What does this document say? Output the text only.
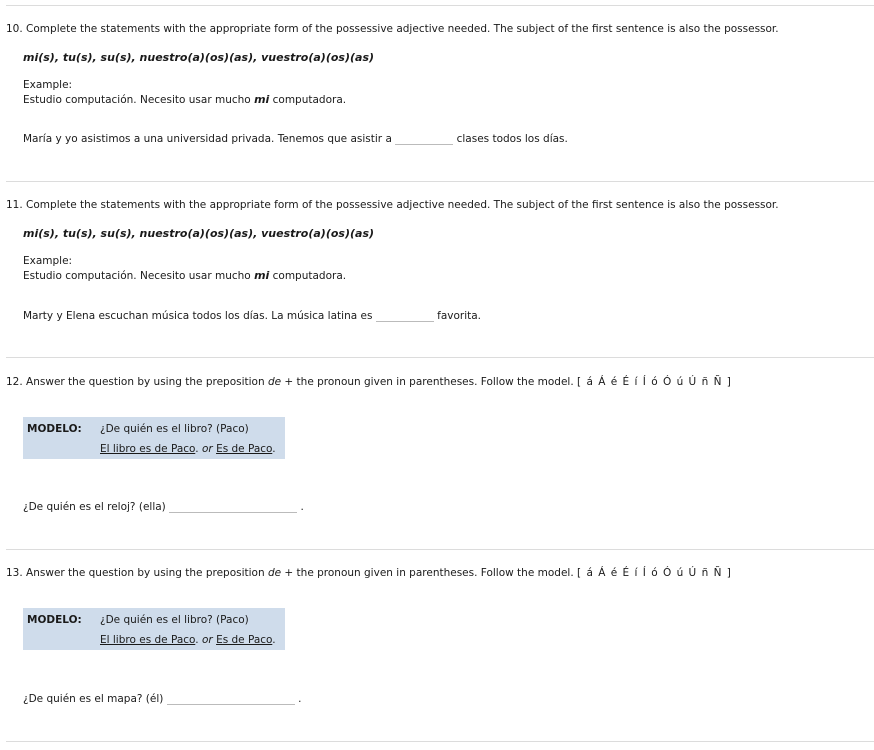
10. Complete the statements with the appropriate form of the possessive adjective needed. The subject of the first sentence is also the possessor.
mi(s), tu(s), su(s), nuestro(a)(os)(as), vuestro(a)(os)(as)
Example:
Estudio computación. Necesito usar mucho mi computadora.
María y yo asistimos a una universidad privada. Tenemos que asistir a	clases todos los días.
11. Complete the statements with the appropriate form of the possessive adjective needed. The subject of the first sentence is also the possessor.
mi(s), tu(s), su(s), nuestro(a)(os)(as), vuestro(a)(os)(as)
Example:
Estudio computación. Necesito usar mucho mi computadora.
Marty y Elena escuchan música todos los días. La música latina es	favorita.
12. Answer the question by using the preposition de + the pronoun given in parentheses. Follow the model. [ á Á é É í Í ó Ó ú Ú ñ Ñ ]
MODELO: ¿De quién es el libro? (Paco)
El libro es de Paco. or Es de Paco.
¿De quién es el reloj? (ella)	.
13. Answer the question by using the preposition de + the pronoun given in parentheses. Follow the model. [ á Á é É í Í ó Ó ú Ú ñ Ñ ]
MODELO: ¿De quién es el libro? (Paco)
El libro es de Paco. or Es de Paco.
¿De quién es el mapa? (él)	.
